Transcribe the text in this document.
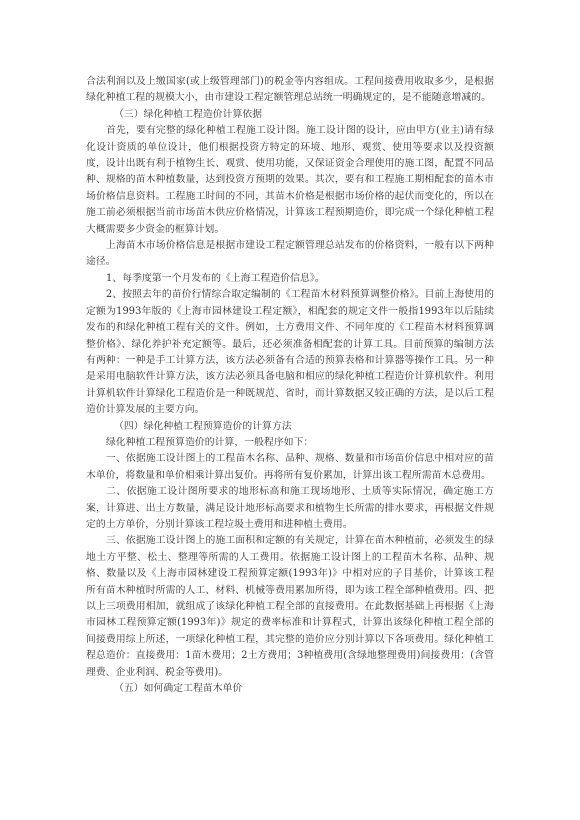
合法利润以及上缴国家(或上级管理部门)的税金等内容组成。工程间接费用收取多少，是根据绿化种植工程的规模大小，由市建设工程定额管理总站统一明确规定的，是不能随意增减的。

（三）绿化种植工程造价计算依据

首先，要有完整的绿化种植工程施工设计图。施工设计图的设计，应由甲方(业主)请有绿化设计资质的单位设计，他们根据投资方特定的环境、地形、观赏、使用等要求以及投资额度，设计出既有利于植物生长、观赏、使用功能，又保证资金合理使用的施工图，配置不同品种、规格的苗木种植数量，达到投资方预期的效果。其次，要有和工程施工期相配套的苗木市场价格信息资料。工程施工时间的不同，其苗木价格是根据市场价格的起伏而变化的，所以在施工前必须根据当前市场苗木供应价格情况，计算该工程预期造价，即完成一个绿化种植工程大概需要多少资金的框算计划。

上海苗木市场价格信息是根据市建设工程定额管理总站发布的价格资料，一般有以下两种途径。

1、每季度第一个月发布的《上海工程造价信息》。

2、按照去年的苗价行情综合取定编制的《工程苗木材料预算调整价格》。目前上海使用的定额为1993年版的《上海市园林建设工程定额》，相配套的规定文件一般指1993年以后陆续发布的和绿化种植工程有关的文件。例如，土方费用文件、不同年度的《工程苗木材料预算调整价格》、绿化养护补充定额等。最后，还必须准备相配套的计算工具。目前预算的编制方法有两种：一种是手工计算方法，该方法必须备有合适的预算表格和计算器等操作工具。另一种是采用电脑软件计算方法，该方法必须具备电脑和相应的绿化种植工程造价计算机软件。利用计算机软件计算绿化工程造价是一种既规范、省时，而计算数据又较正确的方法，是以后工程造价计算发展的主要方向。

（四）绿化种植工程预算造价的计算方法

绿化种植工程预算造价的计算，一般程序如下：

一、依据施工设计图上的工程苗木名称、品种、规格、数量和市场苗价信息中相对应的苗木单价，将数量和单价相乘计算出复价。再将所有复价累加，计算出该工程所需苗木总费用。

二、依据施工设计图所要求的地形标高和施工现场地形、土质等实际情况，确定施工方案，计算进、出土方数量，满足设计地形标高要求和植物生长所需的排水要求，再根据文件规定的土方单价，分别计算该工程垃圾土费用和进种植土费用。

三、依据施工设计图上的施工面积和定额的有关规定，计算在苗木种植前，必须发生的绿地土方平整、松土、整理等所需的人工费用。依据施工设计图上的工程苗木名称、品种、规格、数量以及《上海市园林建设工程预算定额(1993年)》中相对应的子目基价，计算该工程所有苗木种植时所需的人工、材料、机械等费用累加所得，即为该工程全部种植费用。四、把以上三项费用相加，就组成了该绿化种植工程全部的直接费用。在此数据基础上再根据《上海市园林工程预算定额(1993年)》规定的费率标准和计算程式，计算出该绿化种植工程全部的间接费用综上所述，一项绿化种植工程，其完整的造价应分别计算以下各项费用。绿化种植工程总造价：直接费用：1苗木费用；2土方费用；3种植费用(含绿地整理费用)间接费用：(含管理费、企业利润、税金等费用)。

（五）如何确定工程苗木单价
